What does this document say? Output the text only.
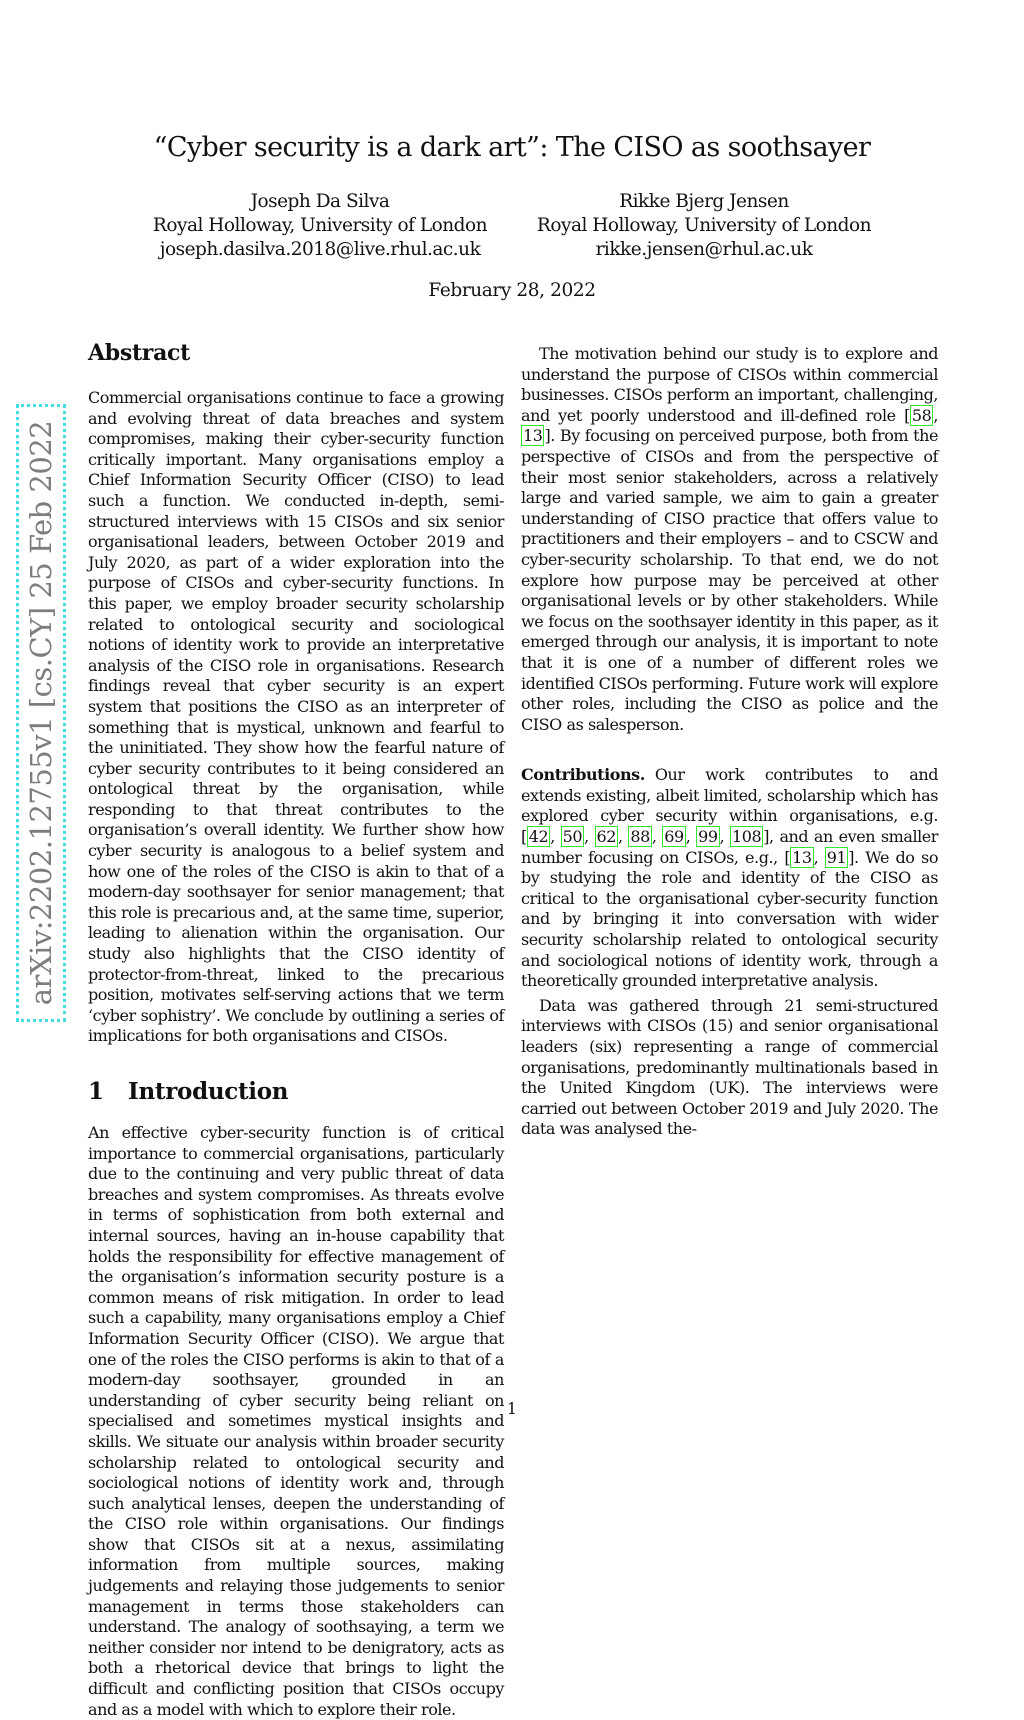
“Cyber security is a dark art”: The CISO as soothsayer
Joseph Da Silva
Royal Holloway, University of London
joseph.dasilva.2018@live.rhul.ac.uk
Rikke Bjerg Jensen
Royal Holloway, University of London
rikke.jensen@rhul.ac.uk
February 28, 2022
arXiv:2202.12755v1 [cs.CY] 25 Feb 2022
Abstract

Commercial organisations continue to face a growing and evolving threat of data breaches and system compromises, making their cyber-security function critically important. Many organisations employ a Chief Information Security Officer (CISO) to lead such a function. We conducted in-depth, semi-structured interviews with 15 CISOs and six senior organisational leaders, between October 2019 and July 2020, as part of a wider exploration into the purpose of CISOs and cyber-security functions. In this paper, we employ broader security scholarship related to ontological security and sociological notions of identity work to provide an interpretative analysis of the CISO role in organisations. Research findings reveal that cyber security is an expert system that positions the CISO as an interpreter of something that is mystical, unknown and fearful to the uninitiated. They show how the fearful nature of cyber security contributes to it being considered an ontological threat by the organisation, while responding to that threat contributes to the organisation’s overall identity. We further show how cyber security is analogous to a belief system and how one of the roles of the CISO is akin to that of a modern-day soothsayer for senior management; that this role is precarious and, at the same time, superior, leading to alienation within the organisation. Our study also highlights that the CISO identity of protector-from-threat, linked to the precarious position, motivates self-serving actions that we term ‘cyber sophistry’. We conclude by outlining a series of implications for both organisations and CISOs.

1 Introduction

An effective cyber-security function is of critical importance to commercial organisations, particularly due to the continuing and very public threat of data breaches and system compromises. As threats evolve in terms of sophistication from both external and internal sources, having an in-house capability that holds the responsibility for effective management of the organisation’s information security posture is a common means of risk mitigation. In order to lead such a capability, many organisations employ a Chief Information Security Officer (CISO). We argue that one of the roles the CISO performs is akin to that of a modern-day soothsayer, grounded in an understanding of cyber security being reliant on specialised and sometimes mystical insights and skills. We situate our analysis within broader security scholarship related to ontological security and sociological notions of identity work and, through such analytical lenses, deepen the understanding of the CISO role within organisations. Our findings show that CISOs sit at a nexus, assimilating information from multiple sources, making judgements and relaying those judgements to senior management in terms those stakeholders can understand. The analogy of soothsaying, a term we neither consider nor intend to be denigratory, acts as both a rhetorical device that brings to light the difficult and conflicting position that CISOs occupy and as a model with which to explore their role.

The motivation behind our study is to explore and understand the purpose of CISOs within commercial businesses. CISOs perform an important, challenging, and yet poorly understood and ill-defined role [ 58 , 13 ]. By focusing on perceived purpose, both from the perspective of CISOs and from the perspective of their most senior stakeholders, across a relatively large and varied sample, we aim to gain a greater understanding of CISO practice that offers value to practitioners and their employers – and to CSCW and cyber-security scholarship. To that end, we do not explore how purpose may be perceived at other organisational levels or by other stakeholders. While we focus on the soothsayer identity in this paper, as it emerged through our analysis, it is important to note that it is one of a number of different roles we identified CISOs performing. Future work will explore other roles, including the CISO as police and the CISO as salesperson.

Contributions. Our work contributes to and extends existing, albeit limited, scholarship which has explored cyber security within organisations, e.g. [ 42 , 50 , 62 , 88 , 69 , 99 , 108 ], and an even smaller number focusing on CISOs, e.g., [ 13 , 91 ]. We do so by studying the role and identity of the CISO as critical to the organisational cyber-security function and by bringing it into conversation with wider security scholarship related to ontological security and sociological notions of identity work, through a theoretically grounded interpretative analysis.

Data was gathered through 21 semi-structured interviews with CISOs (15) and senior organisational leaders (six) representing a range of commercial organisations, predominantly multinationals based in the United Kingdom (UK). The interviews were carried out between October 2019 and July 2020. The data was analysed the-

1
